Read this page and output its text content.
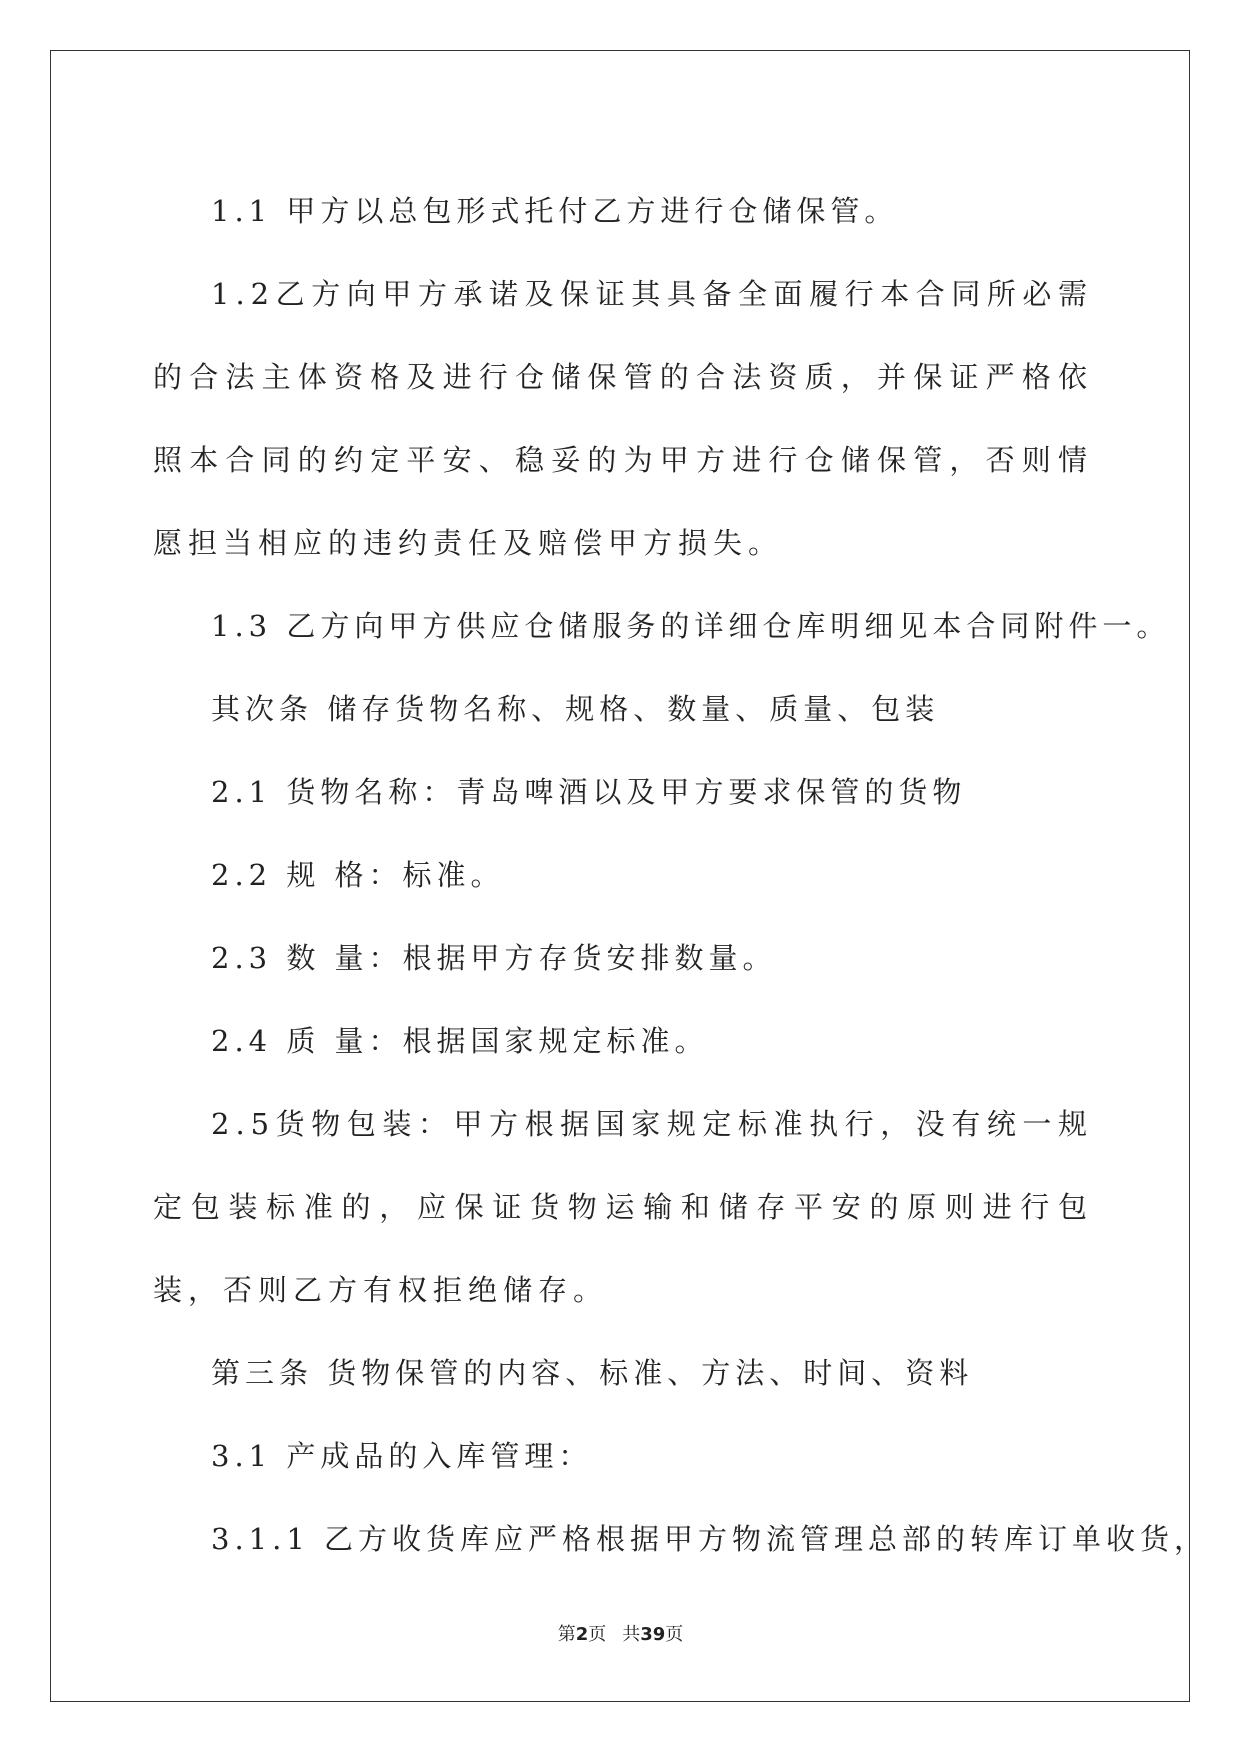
1.1 甲方以总包形式托付乙方进行仓储保管。

1.2乙方向甲方承诺及保证其具备全面履行本合同所必需的合法主体资格及进行仓储保管的合法资质，并保证严格依照本合同的约定平安、稳妥的为甲方进行仓储保管，否则情愿担当相应的违约责任及赔偿甲方损失。

1.3 乙方向甲方供应仓储服务的详细仓库明细见本合同附件一。

其次条 储存货物名称、规格、数量、质量、包装

2.1 货物名称：青岛啤酒以及甲方要求保管的货物

2.2 规 格：标准。

2.3 数 量：根据甲方存货安排数量。

2.4 质 量：根据国家规定标准。

2.5货物包装：甲方根据国家规定标准执行，没有统一规定包装标准的，应保证货物运输和储存平安的原则进行包装，否则乙方有权拒绝储存。

第三条 货物保管的内容、标准、方法、时间、资料

3.1 产成品的入库管理：

3.1.1 乙方收货库应严格根据甲方物流管理总部的转库订单收货，

第2页 共39页
